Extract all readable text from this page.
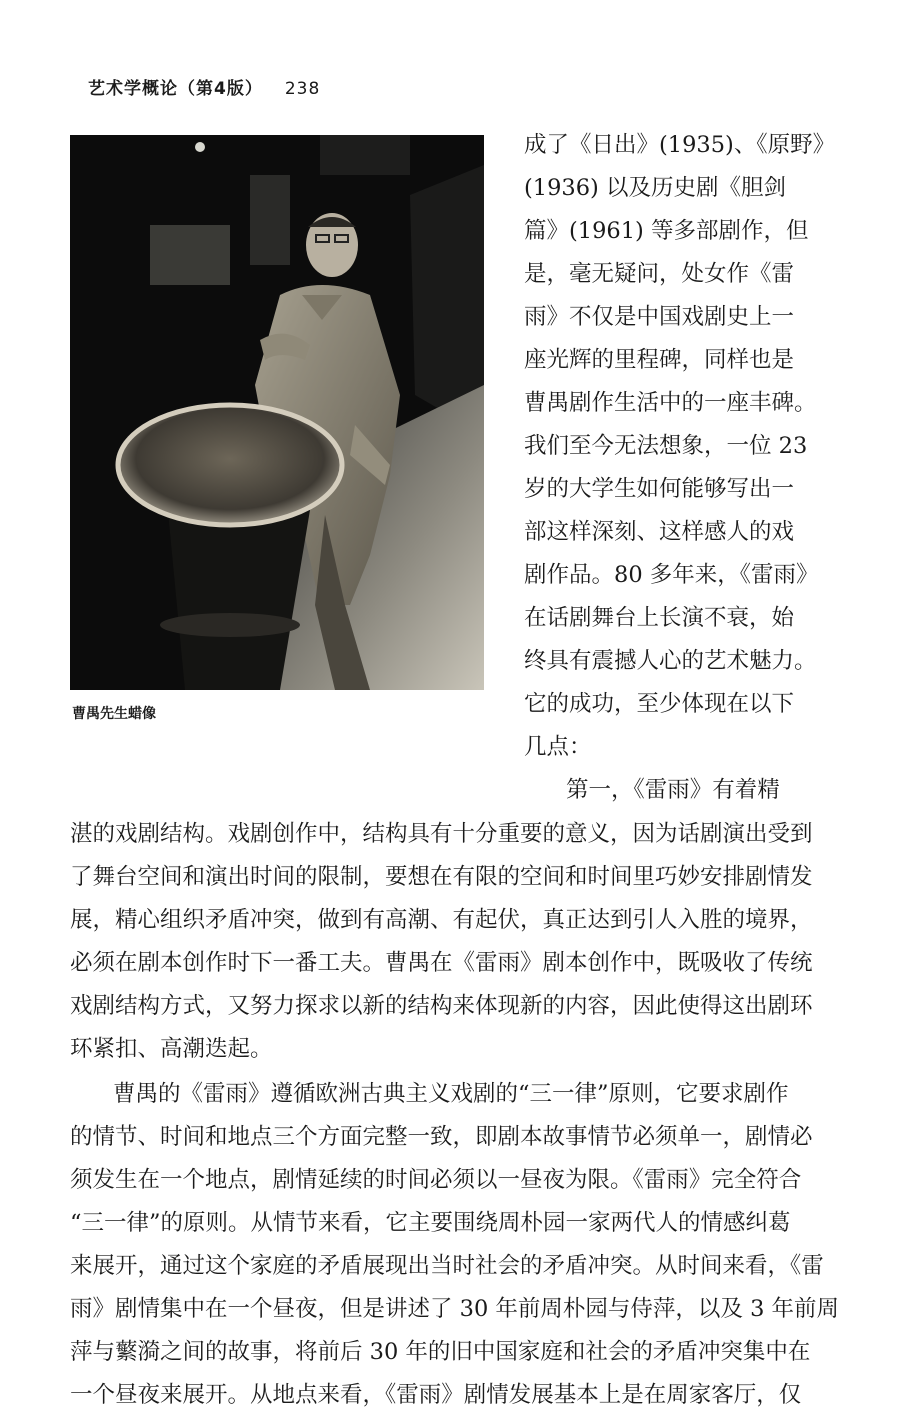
艺术学概论（第4版） 238
曹禺先生蜡像
成了《日出》(1935)、《原野》
(1936) 以及历史剧《胆剑
篇》(1961) 等多部剧作，但
是，毫无疑问，处女作《雷
雨》不仅是中国戏剧史上一
座光辉的里程碑，同样也是
曹禺剧作生活中的一座丰碑。
我们至今无法想象，一位 23
岁的大学生如何能够写出一
部这样深刻、这样感人的戏
剧作品。80 多年来，《雷雨》
在话剧舞台上长演不衰，始
终具有震撼人心的艺术魅力。
它的成功，至少体现在以下
几点：
第一，《雷雨》有着精
湛的戏剧结构。戏剧创作中，结构具有十分重要的意义，因为话剧演出受到
了舞台空间和演出时间的限制，要想在有限的空间和时间里巧妙安排剧情发
展，精心组织矛盾冲突，做到有高潮、有起伏，真正达到引人入胜的境界，
必须在剧本创作时下一番工夫。曹禺在《雷雨》剧本创作中，既吸收了传统
戏剧结构方式，又努力探求以新的结构来体现新的内容，因此使得这出剧环
环紧扣、高潮迭起。
曹禺的《雷雨》遵循欧洲古典主义戏剧的“三一律”原则，它要求剧作
的情节、时间和地点三个方面完整一致，即剧本故事情节必须单一，剧情必
须发生在一个地点，剧情延续的时间必须以一昼夜为限。《雷雨》完全符合
“三一律”的原则。从情节来看，它主要围绕周朴园一家两代人的情感纠葛
来展开，通过这个家庭的矛盾展现出当时社会的矛盾冲突。从时间来看，《雷
雨》剧情集中在一个昼夜，但是讲述了 30 年前周朴园与侍萍，以及 3 年前周
萍与蘩漪之间的故事，将前后 30 年的旧中国家庭和社会的矛盾冲突集中在
一个昼夜来展开。从地点来看，《雷雨》剧情发展基本上是在周家客厅，仅
